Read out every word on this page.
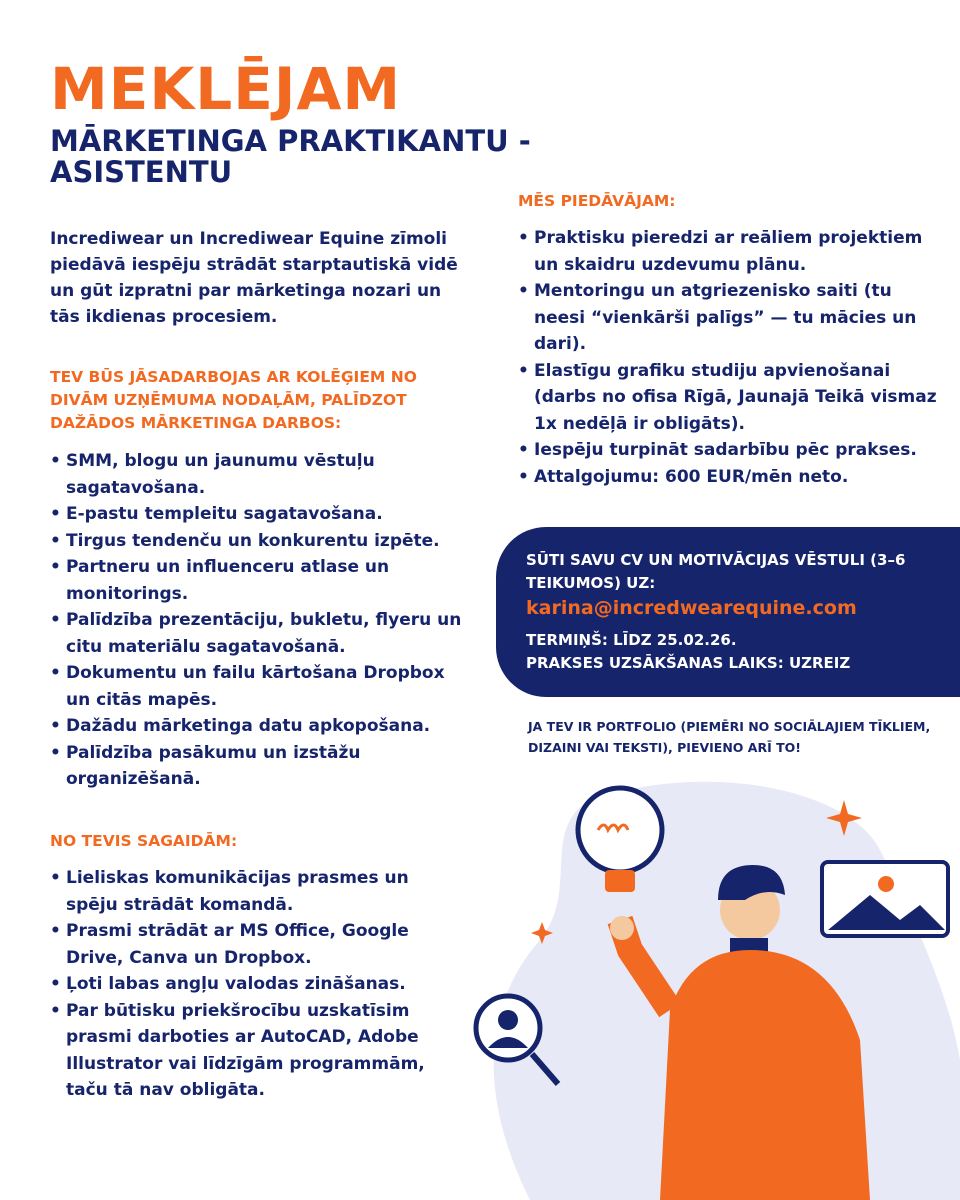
MEKLĒJAM
MĀRKETINGA PRAKTIKANTU - ASISTENTU

Incrediwear un Incrediwear Equine zīmoli piedāvā iespēju strādāt starptautiskā vidē un gūt izpratni par mārketinga nozari un tās ikdienas procesiem.

TEV BŪS JĀSADARBOJAS AR KOLĒĢIEM NO DIVĀM UZŅĒMUMA NODAĻĀM, PALĪDZOT DAŽĀDOS MĀRKETINGA DARBOS:

• SMM, blogu un jaunumu vēstuļu sagatavošana.
• E-pastu templeitu sagatavošana.
• Tirgus tendenču un konkurentu izpēte.
• Partneru un influenceru atlase un monitorings.
• Palīdzība prezentāciju, bukletu, flyeru un citu materiālu sagatavošanā.
• Dokumentu un failu kārtošana Dropbox un citās mapēs.
• Dažādu mārketinga datu apkopošana.
• Palīdzība pasākumu un izstāžu organizēšanā.

NO TEVIS SAGAIDĀM:

• Lieliskas komunikācijas prasmes un spēju strādāt komandā.
• Prasmi strādāt ar MS Office, Google Drive, Canva un Dropbox.
• Ļoti labas angļu valodas zināšanas.
• Par būtisku priekšrocību uzskatīsim prasmi darboties ar AutoCAD, Adobe Illustrator vai līdzīgām programmām, taču tā nav obligāta.

MĒS PIEDĀVĀJAM:

• Praktisku pieredzi ar reāliem projektiem un skaidru uzdevumu plānu.
• Mentoringu un atgriezenisko saiti (tu neesi “vienkārši palīgs” — tu mācies un dari).
• Elastīgu grafiku studiju apvienošanai (darbs no ofisa Rīgā, Jaunajā Teikā vismaz 1x nedēļā ir obligāts).
• Iespēju turpināt sadarbību pēc prakses.
• Attalgojumu: 600 EUR/mēn neto.

SŪTI SAVU CV UN MOTIVĀCIJAS VĒSTULI (3–6 TEIKUMOS) UZ:

karina@incredwearequine.com

TERMIŅŠ: LĪDZ 25.02.26.

PRAKSES UZSĀKŠANAS LAIKS: UZREIZ

JA TEV IR PORTFOLIO (PIEMĒRI NO SOCIĀLAJIEM TĪKLIEM, DIZAINI VAI TEKSTI), PIEVIENO ARĪ TO!
